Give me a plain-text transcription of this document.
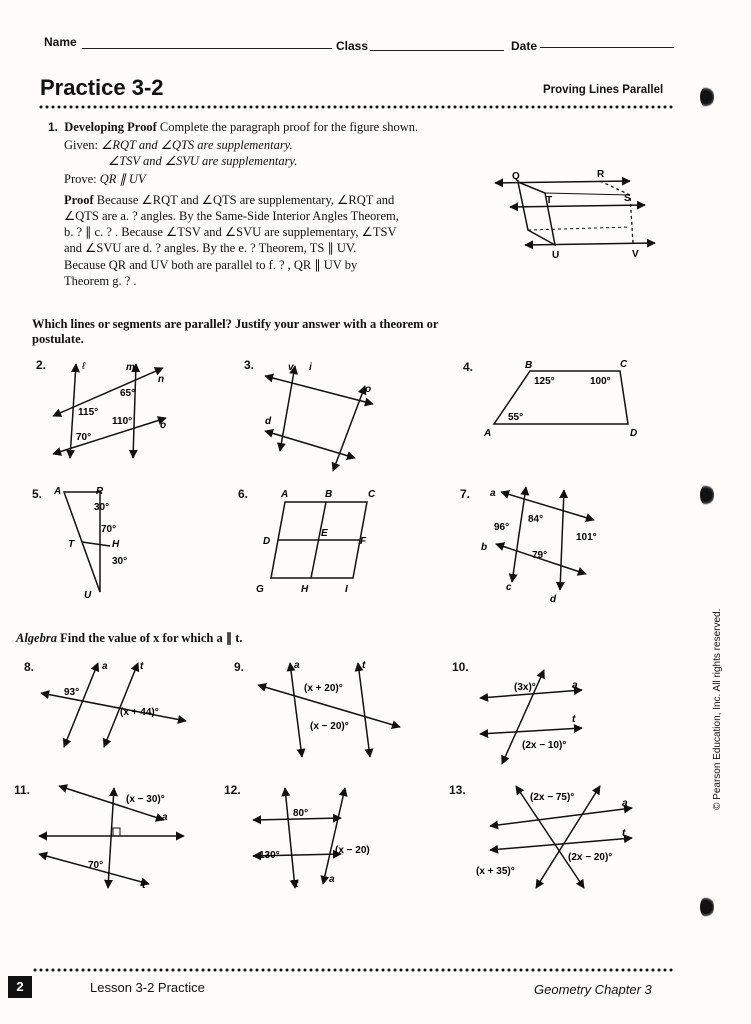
Name	Class	Date
Practice 3-2	Proving Lines Parallel
1. Developing Proof Complete the paragraph proof for the figure shown.
Given: ∠RQT and ∠QTS are supplementary.
∠TSV and ∠SVU are supplementary.
Prove: QR ∥ UV
Proof Because ∠RQT and ∠QTS are supplementary, ∠RQT and
∠QTS are a. ? angles. By the Same-Side Interior Angles Theorem,
b. ? ∥ c. ? . Because ∠TSV and ∠SVU are supplementary, ∠TSV
and ∠SVU are d. ? angles. By the e. ? Theorem, TS ∥ UV.
Because QR and UV both are parallel to f. ? , QR ∥ UV by
Theorem g. ? .
Q	R
T	S
U	V
Which lines or segments are parallel? Justify your answer with a theorem or
postulate.
2.	ℓ	m
n
o
65°
115°
110°
70°
3.	v i
o
d
4.	B	C
A	D
125°	100°
55°
5. A	R
30°
70°
T	H
30°
U
6.	A	B	C
D
E
F
G	H	I
7. a
84°
96°
101°
b
79°
c
d
Algebra Find the value of x for which a ∥ t.
8.	a	t
93°
(x + 44)°
9.	a	t
(x + 20)°
(x − 20)°
10.
(3x)°	a
t
(2x − 10)°
11.
(x − 30)°
a
70°
t
12.
80°
130°	(x − 20)
t	a
13.
(2x − 75)°
a
t
(2x − 20)°
(x + 35)°
© Pearson Education, Inc. All rights reserved.
2	Lesson 3-2 Practice	Geometry Chapter 3
